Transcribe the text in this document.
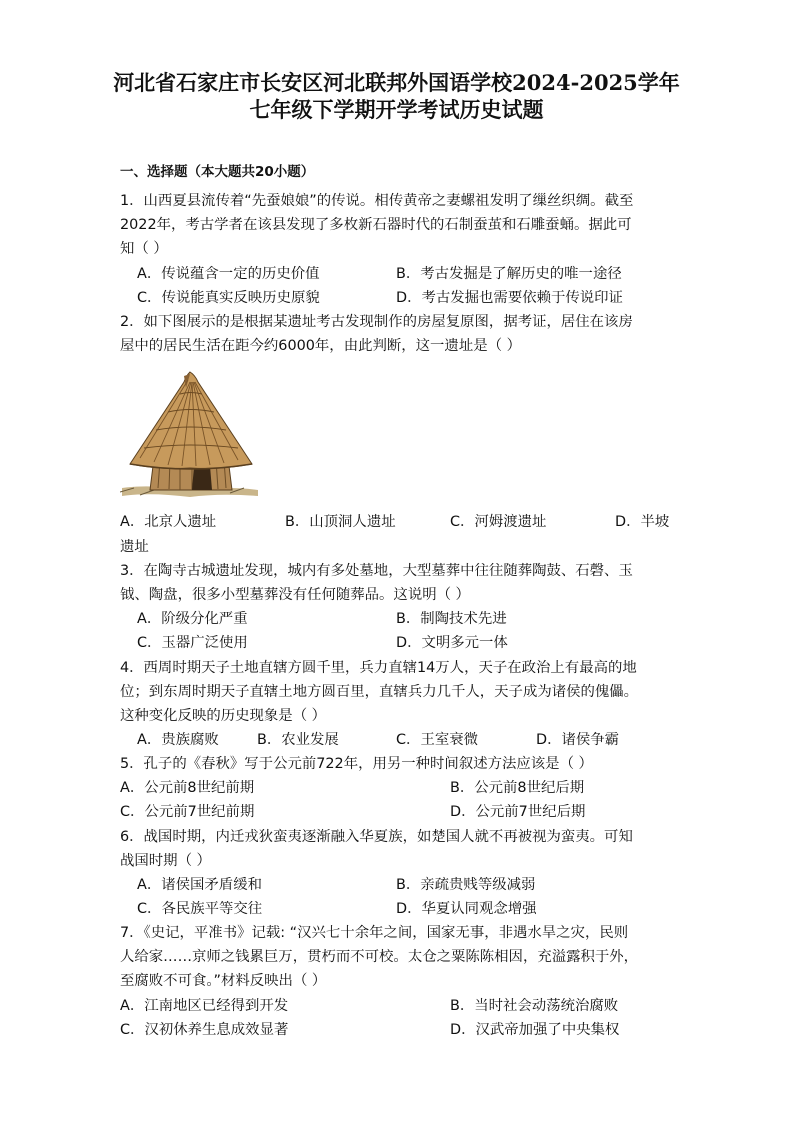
河北省石家庄市长安区河北联邦外国语学校2024-2025学年
七年级下学期开学考试历史试题
一、选择题（本大题共20小题）
1．山西夏县流传着“先蚕娘娘”的传说。相传黄帝之妻螺祖发明了缫丝织绸。截至
2022年，考古学者在该县发现了多枚新石器时代的石制蚕茧和石雕蚕蛹。据此可
知（ ）
A．传说蕴含一定的历史价值	B．考古发掘是了解历史的唯一途径
C．传说能真实反映历史原貌	D．考古发掘也需要依赖于传说印证
2．如下图展示的是根据某遗址考古发现制作的房屋复原图，据考证，居住在该房
屋中的居民生活在距今约6000年，由此判断，这一遗址是（ ）
A．北京人遗址	B．山顶洞人遗址	C．河姆渡遗址	D．半坡
遗址
3．在陶寺古城遗址发现，城内有多处墓地，大型墓葬中往往随葬陶鼓、石磬、玉
钺、陶盘，很多小型墓葬没有任何随葬品。这说明（ ）
A．阶级分化严重	B．制陶技术先进
C．玉器广泛使用	D．文明多元一体
4．西周时期天子土地直辖方圆千里，兵力直辖14万人，天子在政治上有最高的地
位；到东周时期天子直辖土地方圆百里，直辖兵力几千人，天子成为诸侯的傀儡。
这种变化反映的历史现象是（ ）
A．贵族腐败	B．农业发展	C．王室衰微	D．诸侯争霸
5．孔子的《春秋》写于公元前722年，用另一种时间叙述方法应该是（ ）
A．公元前8世纪前期	B．公元前8世纪后期
C．公元前7世纪前期	D．公元前7世纪后期
6．战国时期，内迁戎狄蛮夷逐渐融入华夏族，如楚国人就不再被视为蛮夷。可知
战国时期（ ）
A．诸侯国矛盾缓和	B．亲疏贵贱等级减弱
C．各民族平等交往	D．华夏认同观念增强
7．《史记，平准书》记载: “汉兴七十余年之间，国家无事，非遇水旱之灾，民则
人给家……京师之钱累巨万，贯朽而不可校。太仓之粟陈陈相因，充溢露积于外，
至腐败不可食。”材料反映出（ ）
A．江南地区已经得到开发	B．当时社会动荡统治腐败
C．汉初休养生息成效显著	D．汉武帝加强了中央集权
